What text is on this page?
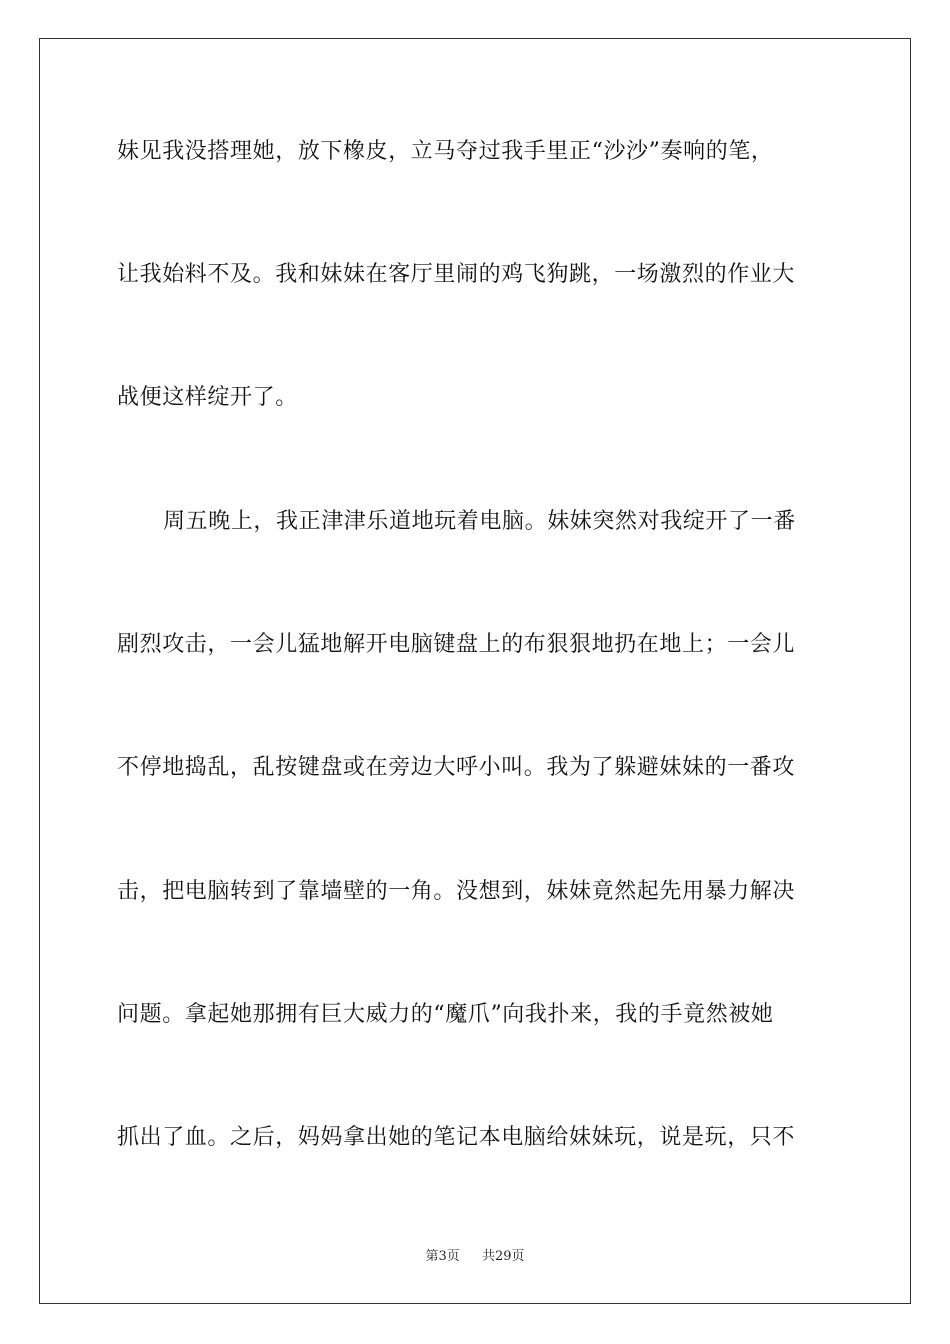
妹见我没搭理她，放下橡皮，立马夺过我手里正“沙沙”奏响的笔，
让我始料不及。我和妹妹在客厅里闹的鸡飞狗跳，一场激烈的作业大
战便这样绽开了。
周五晚上，我正津津乐道地玩着电脑。妹妹突然对我绽开了一番
剧烈攻击，一会儿猛地解开电脑键盘上的布狠狠地扔在地上；一会儿
不停地捣乱，乱按键盘或在旁边大呼小叫。我为了躲避妹妹的一番攻
击，把电脑转到了靠墙壁的一角。没想到，妹妹竟然起先用暴力解决
问题。拿起她那拥有巨大威力的“魔爪”向我扑来，我的手竟然被她
抓出了血。之后，妈妈拿出她的笔记本电脑给妹妹玩，说是玩，只不
第3页 共29页
